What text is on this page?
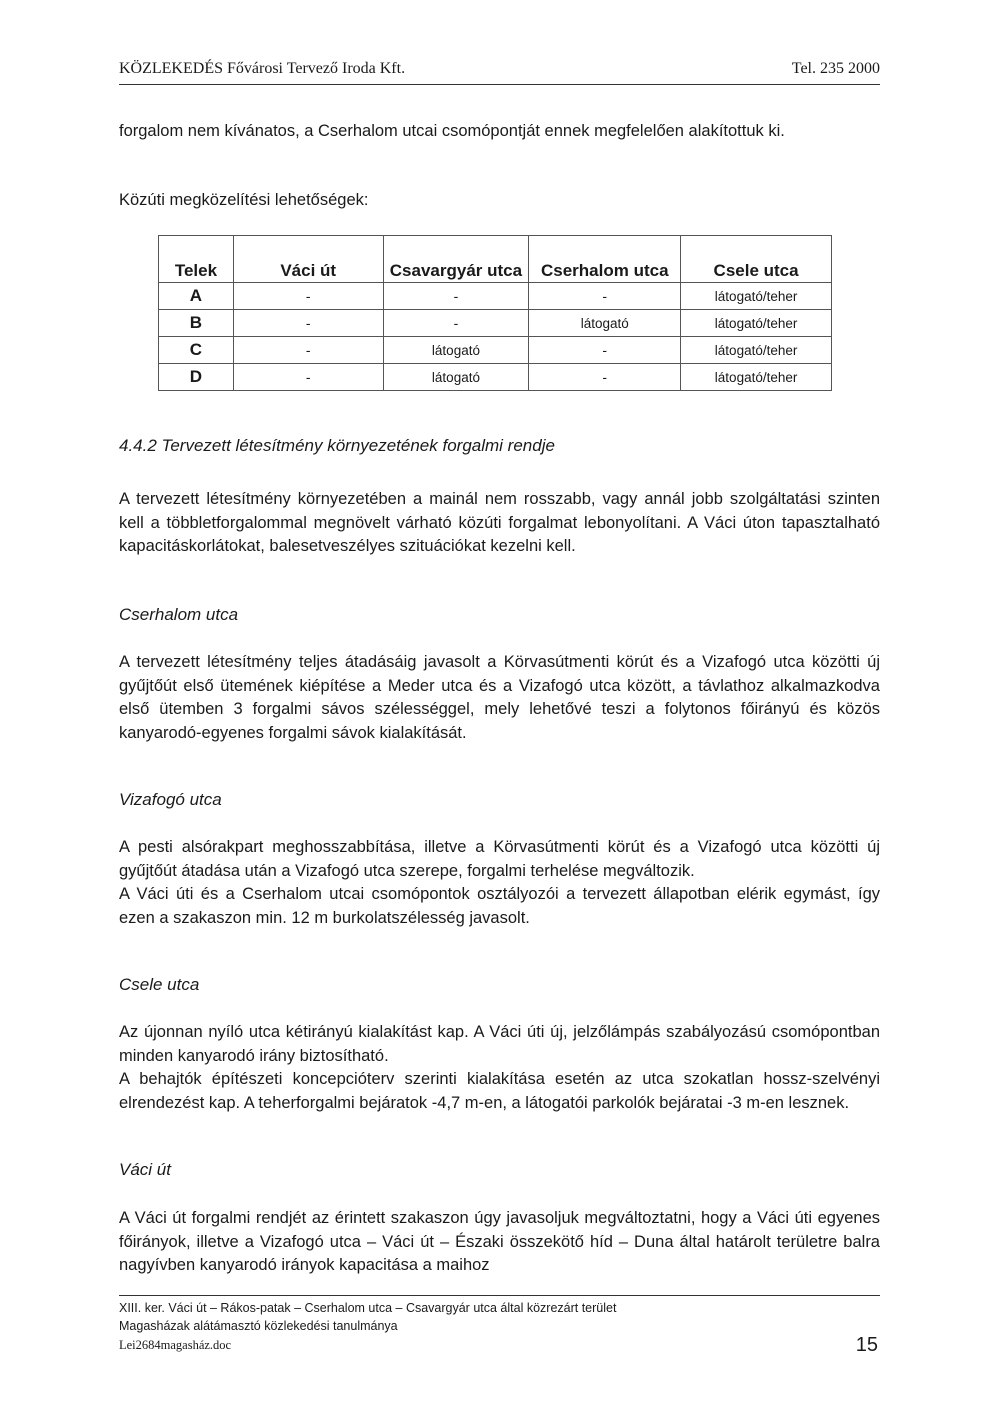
KÖZLEKEDÉS Fővárosi Tervező Iroda Kft.	Tel. 235 2000

forgalom nem kívánatos, a Cserhalom utcai csomópontját ennek megfelelően alakítottuk ki.

Közúti megközelítési lehetőségek:

Telek	Váci út	Csavargyár utca	Cserhalom utca	Csele utca
A	-	-	-	látogató/teher
B	-	-	látogató	látogató/teher
C	-	látogató	-	látogató/teher
D	-	látogató	-	látogató/teher
4.4.2 Tervezett létesítmény környezetének forgalmi rendje

A tervezett létesítmény környezetében a mainál nem rosszabb, vagy annál jobb szolgáltatási szinten kell a többletforgalommal megnövelt várható közúti forgalmat lebonyolítani. A Váci úton tapasztalható kapacitáskorlátokat, balesetveszélyes szituációkat kezelni kell.

Cserhalom utca

A tervezett létesítmény teljes átadásáig javasolt a Körvasútmenti körút és a Vizafogó utca közötti új gyűjtőút első ütemének kiépítése a Meder utca és a Vizafogó utca között, a távlathoz alkalmazkodva első ütemben 3 forgalmi sávos szélességgel, mely lehetővé teszi a folytonos főirányú és közös kanyarodó-egyenes forgalmi sávok kialakítását.

Vizafogó utca

A pesti alsórakpart meghosszabbítása, illetve a Körvasútmenti körút és a Vizafogó utca közötti új gyűjtőút átadása után a Vizafogó utca szerepe, forgalmi terhelése megváltozik.

A Váci úti és a Cserhalom utcai csomópontok osztályozói a tervezett állapotban elérik egymást, így ezen a szakaszon min. 12 m burkolatszélesség javasolt.

Csele utca

Az újonnan nyíló utca kétirányú kialakítást kap. A Váci úti új, jelzőlámpás szabályozású csomópontban minden kanyarodó irány biztosítható.

A behajtók építészeti koncepcióterv szerinti kialakítása esetén az utca szokatlan hossz-szelvényi elrendezést kap. A teherforgalmi bejáratok -4,7 m-en, a látogatói parkolók bejáratai -3 m-en lesznek.

Váci út

A Váci út forgalmi rendjét az érintett szakaszon úgy javasoljuk megváltoztatni, hogy a Váci úti egyenes főirányok, illetve a Vizafogó utca – Váci út – Északi összekötő híd – Duna által határolt területre balra nagyívben kanyarodó irányok kapacitása a maihoz

XIII. ker. Váci út – Rákos-patak – Cserhalom utca – Csavargyár utca által közrezárt terület
Magasházak alátámasztó közlekedési tanulmánya
Lei2684magasház.doc	15
